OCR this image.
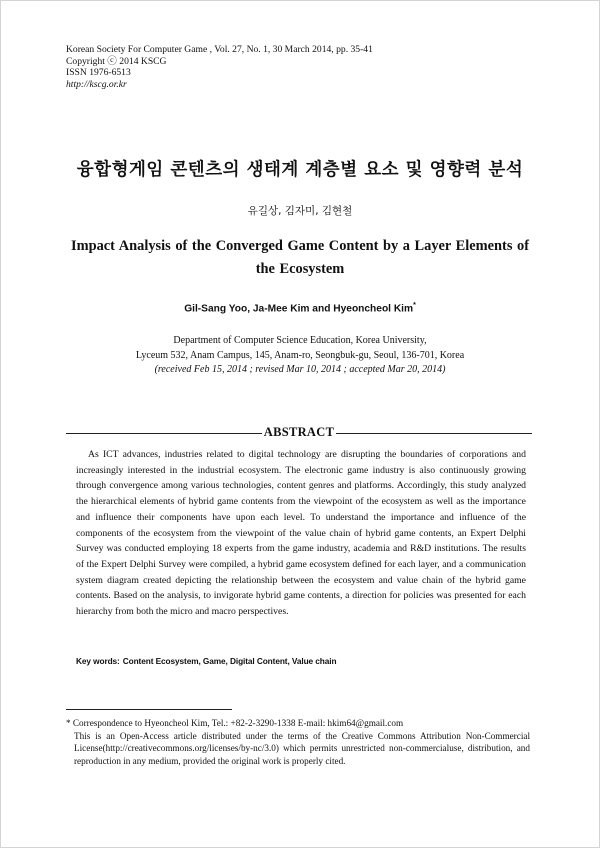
Korean Society For Computer Game , Vol. 27, No. 1, 30 March 2014, pp. 35-41
Copyright ⓒ 2014 KSCG
ISSN 1976-6513
http://kscg.or.kr
융합형게임 콘텐츠의 생태계 계층별 요소 및 영향력 분석
유길상, 김자미, 김현철
Impact Analysis of the Converged Game Content by a Layer Elements of the Ecosystem
Gil-Sang Yoo, Ja-Mee Kim and Hyeoncheol Kim*
Department of Computer Science Education, Korea University,
Lyceum 532, Anam Campus, 145, Anam-ro, Seongbuk-gu, Seoul, 136-701, Korea
(received Feb 15, 2014 ; revised Mar 10, 2014 ; accepted Mar 20, 2014)
ABSTRACT
As ICT advances, industries related to digital technology are disrupting the boundaries of corporations and increasingly interested in the industrial ecosystem. The electronic game industry is also continuously growing through convergence among various technologies, content genres and platforms. Accordingly, this study analyzed the hierarchical elements of hybrid game contents from the viewpoint of the ecosystem as well as the importance and influence their components have upon each level. To understand the importance and influence of the components of the ecosystem from the viewpoint of the value chain of hybrid game contents, an Expert Delphi Survey was conducted employing 18 experts from the game industry, academia and R&D institutions. The results of the Expert Delphi Survey were compiled, a hybrid game ecosystem defined for each layer, and a communication system diagram created depicting the relationship between the ecosystem and value chain of the hybrid game contents. Based on the analysis, to invigorate hybrid game contents, a direction for policies was presented for each hierarchy from both the micro and macro perspectives.
Key words: Content Ecosystem, Game, Digital Content, Value chain
* Correspondence to Hyeoncheol Kim, Tel.: +82-2-3290-1338 E-mail: hkim64@gmail.com
This is an Open-Access article distributed under the terms of the Creative Commons Attribution Non-Commercial License(http://creativecommons.org/licenses/by-nc/3.0) which permits unrestricted non-commercialuse, distribution, and reproduction in any medium, provided the original work is properly cited.
